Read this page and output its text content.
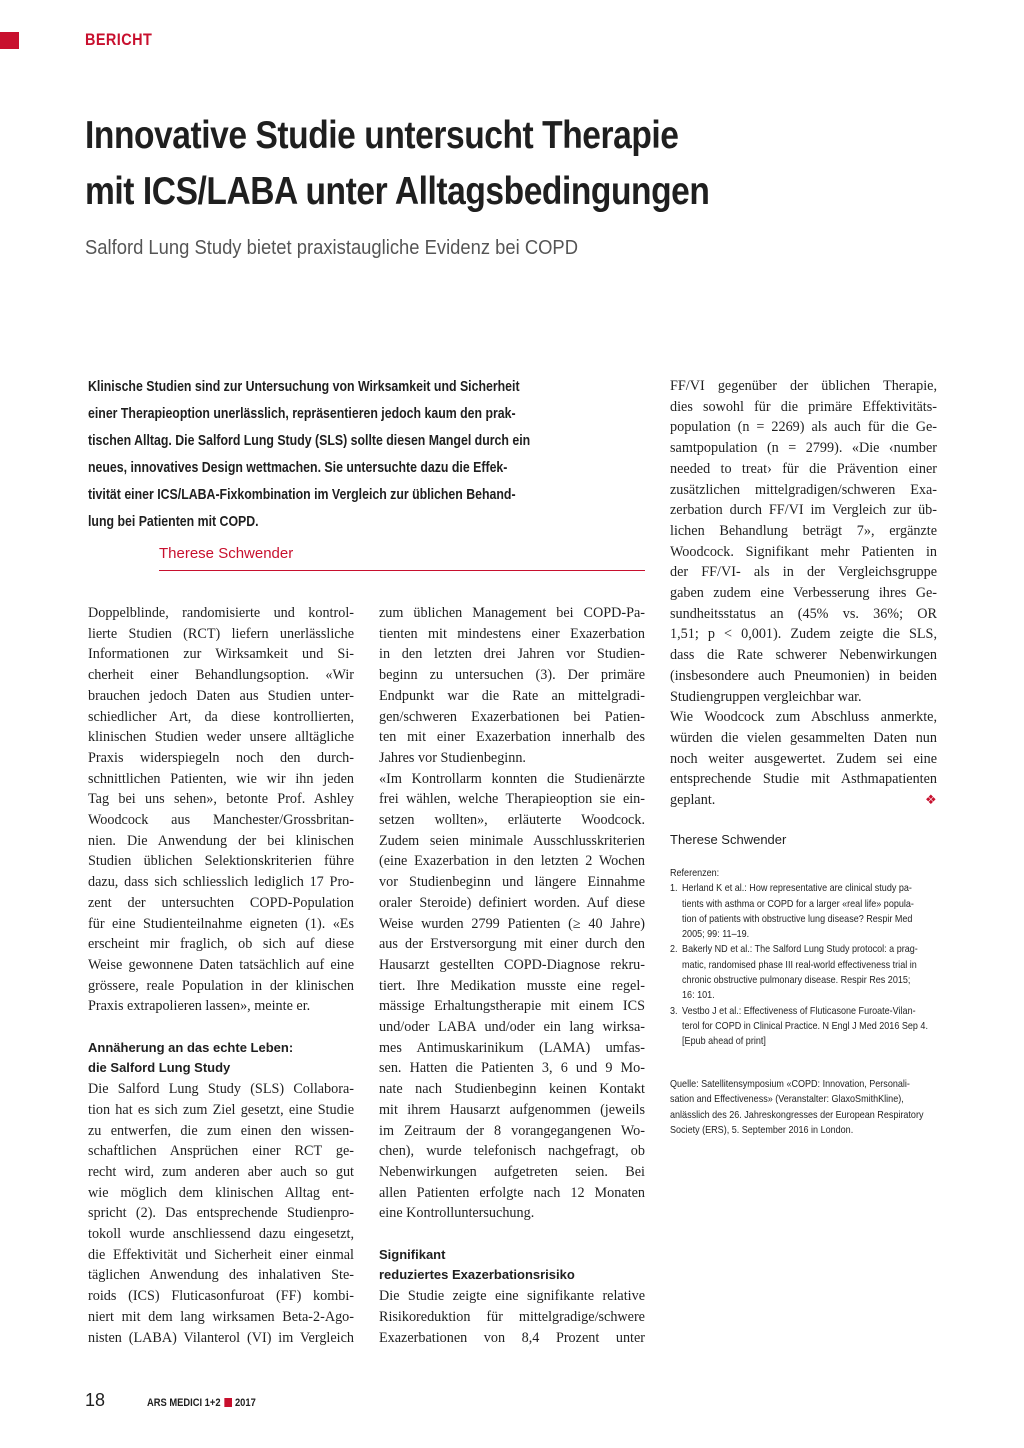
BERICHT
Innovative Studie untersucht Therapie
mit ICS/LABA unter Alltagsbedingungen
Salford Lung Study bietet praxistaugliche Evidenz bei COPD
Klinische Studien sind zur Untersuchung von Wirksamkeit und Sicherheit
einer Therapieoption unerlässlich, repräsentieren jedoch kaum den prak-
tischen Alltag. Die Salford Lung Study (SLS) sollte diesen Mangel durch ein
neues, innovatives Design wettmachen. Sie untersuchte dazu die Effek-
tivität einer ICS/LABA-Fixkombination im Vergleich zur üblichen Behand-
lung bei Patienten mit COPD.
Therese Schwender
Doppelblinde, randomisierte und kontrol-
lierte Studien (RCT) liefern unerlässliche
Informationen zur Wirksamkeit und Si-
cherheit einer Behandlungsoption. «Wir
brauchen jedoch Daten aus Studien unter-
schiedlicher Art, da diese kontrollierten,
klinischen Studien weder unsere alltägliche
Praxis widerspiegeln noch den durch-
schnittlichen Patienten, wie wir ihn jeden
Tag bei uns sehen», betonte Prof. Ashley
Woodcock aus Manchester/Grossbritan-
nien. Die Anwendung der bei klinischen
Studien üblichen Selektionskriterien führe
dazu, dass sich schliesslich lediglich 17 Pro-
zent der untersuchten COPD-Population
für eine Studienteilnahme eigneten (1). «Es
erscheint mir fraglich, ob sich auf diese
Weise gewonnene Daten tatsächlich auf eine
grössere, reale Population in der klinischen
Praxis extrapolieren lassen», meinte er.
Annäherung an das echte Leben:
die Salford Lung Study
Die Salford Lung Study (SLS) Collabora-
tion hat es sich zum Ziel gesetzt, eine Studie
zu entwerfen, die zum einen den wissen-
schaftlichen Ansprüchen einer RCT ge-
recht wird, zum anderen aber auch so gut
wie möglich dem klinischen Alltag ent-
spricht (2). Das entsprechende Studienpro-
tokoll wurde anschliessend dazu eingesetzt,
die Effektivität und Sicherheit einer einmal
täglichen Anwendung des inhalativen Ste-
roids (ICS) Fluticasonfuroat (FF) kombi-
niert mit dem lang wirksamen Beta-2-Ago-
nisten (LABA) Vilanterol (VI) im Vergleich
zum üblichen Management bei COPD-Pa-
tienten mit mindestens einer Exazerbation
in den letzten drei Jahren vor Studien-
beginn zu untersuchen (3). Der primäre
Endpunkt war die Rate an mittelgradi-
gen/schweren Exazerbationen bei Patien-
ten mit einer Exazerbation innerhalb des
Jahres vor Studienbeginn.
«Im Kontrollarm konnten die Studienärzte
frei wählen, welche Therapieoption sie ein-
setzen wollten», erläuterte Woodcock.
Zudem seien minimale Ausschlusskriterien
(eine Exazerbation in den letzten 2 Wochen
vor Studienbeginn und längere Einnahme
oraler Steroide) definiert worden. Auf diese
Weise wurden 2799 Patienten (≥ 40 Jahre)
aus der Erstversorgung mit einer durch den
Hausarzt gestellten COPD-Diagnose rekru-
tiert. Ihre Medikation musste eine regel-
mässige Erhaltungstherapie mit einem ICS
und/oder LABA und/oder ein lang wirksa-
mes Antimuskarinikum (LAMA) umfas-
sen. Hatten die Patienten 3, 6 und 9 Mo-
nate nach Studienbeginn keinen Kontakt
mit ihrem Hausarzt aufgenommen (jeweils
im Zeitraum der 8 vorangegangenen Wo-
chen), wurde telefonisch nachgefragt, ob
Nebenwirkungen aufgetreten seien. Bei
allen Patienten erfolgte nach 12 Monaten
eine Kontrolluntersuchung.
Signifikant
reduziertes Exazerbationsrisiko
Die Studie zeigte eine signifikante relative
Risikoreduktion für mittelgradige/schwere
Exazerbationen von 8,4 Prozent unter
FF/VI gegenüber der üblichen Therapie,
dies sowohl für die primäre Effektivitäts-
population (n = 2269) als auch für die Ge-
samtpopulation (n = 2799). «Die ‹number
needed to treat› für die Prävention einer
zusätzlichen mittelgradigen/schweren Exa-
zerbation durch FF/VI im Vergleich zur üb-
lichen Behandlung beträgt 7», ergänzte
Woodcock. Signifikant mehr Patienten in
der FF/VI- als in der Vergleichsgruppe
gaben zudem eine Verbesserung ihres Ge-
sundheitsstatus an (45% vs. 36%; OR
1,51; p < 0,001). Zudem zeigte die SLS,
dass die Rate schwerer Nebenwirkungen
(insbesondere auch Pneumonien) in beiden
Studiengruppen vergleichbar war.
Wie Woodcock zum Abschluss anmerkte,
würden die vielen gesammelten Daten nun
noch weiter ausgewertet. Zudem sei eine
entsprechende Studie mit Asthmapatienten
geplant.	❖
Therese Schwender
Referenzen:
1. Herland K et al.: How representative are clinical study pa-
tients with asthma or COPD for a larger «real life» popula-
tion of patients with obstructive lung disease? Respir Med
2005; 99: 11–19.
2. Bakerly ND et al.: The Salford Lung Study protocol: a prag-
matic, randomised phase III real-world effectiveness trial in
chronic obstructive pulmonary disease. Respir Res 2015;
16: 101.
3. Vestbo J et al.: Effectiveness of Fluticasone Furoate-Vilan-
terol for COPD in Clinical Practice. N Engl J Med 2016 Sep 4.
[Epub ahead of print]
Quelle: Satellitensymposium «COPD: Innovation, Personali-
sation and Effectiveness» (Veranstalter: GlaxoSmithKline),
anlässlich des 26. Jahreskongresses der European Respiratory
Society (ERS), 5. September 2016 in London.
18	ARS MEDICI 1+2 2017
